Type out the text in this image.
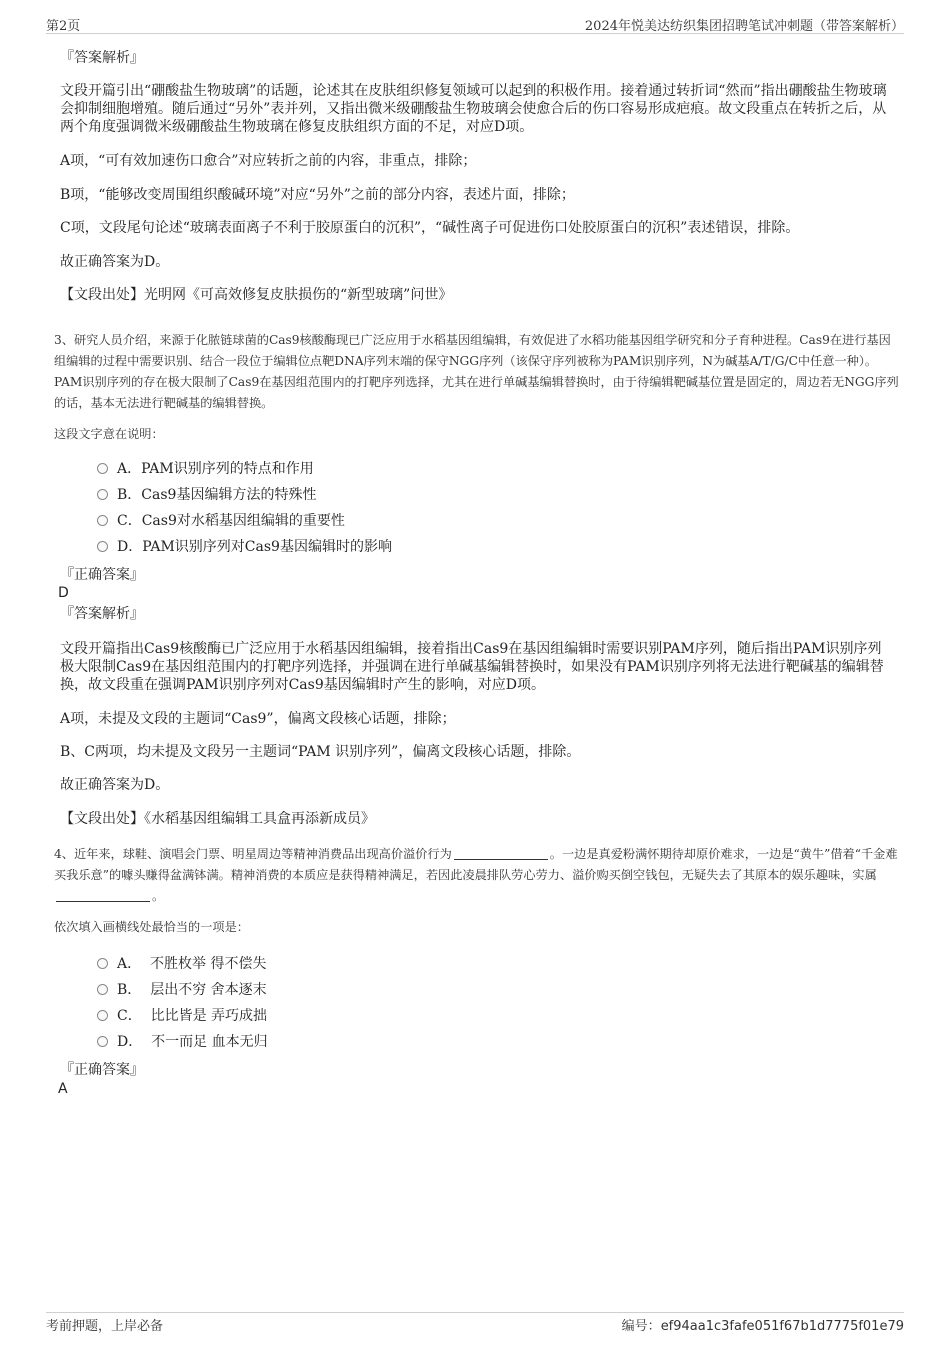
第2页	2024年悦美达纺织集团招聘笔试冲刺题（带答案解析）
『答案解析』
文段开篇引出“硼酸盐生物玻璃”的话题，论述其在皮肤组织修复领域可以起到的积极作用。接着通过转折词“然而”指出硼酸盐生物玻璃会抑制细胞增殖。随后通过“另外”表并列，又指出微米级硼酸盐生物玻璃会使愈合后的伤口容易形成疤痕。故文段重点在转折之后，从两个角度强调微米级硼酸盐生物玻璃在修复皮肤组织方面的不足，对应D项。
A项，“可有效加速伤口愈合”对应转折之前的内容，非重点，排除；
B项，“能够改变周围组织酸碱环境”对应“另外”之前的部分内容，表述片面，排除；
C项，文段尾句论述“玻璃表面离子不利于胶原蛋白的沉积”，“碱性离子可促进伤口处胶原蛋白的沉积”表述错误，排除。
故正确答案为D。
【文段出处】光明网《可高效修复皮肤损伤的“新型玻璃”问世》
3、研究人员介绍，来源于化脓链球菌的Cas9核酸酶现已广泛应用于水稻基因组编辑，有效促进了水稻功能基因组学研究和分子育种进程。Cas9在进行基因组编辑的过程中需要识别、结合一段位于编辑位点靶DNA序列末端的保守NGG序列（该保守序列被称为PAM识别序列，N为碱基A/T/G/C中任意一种）。PAM识别序列的存在极大限制了Cas9在基因组范围内的打靶序列选择，尤其在进行单碱基编辑替换时，由于待编辑靶碱基位置是固定的，周边若无NGG序列的话，基本无法进行靶碱基的编辑替换。
这段文字意在说明：
A．PAM识别序列的特点和作用
B．Cas9基因编辑方法的特殊性
C．Cas9对水稻基因组编辑的重要性
D．PAM识别序列对Cas9基因编辑时的影响
『正确答案』
D
『答案解析』
文段开篇指出Cas9核酸酶已广泛应用于水稻基因组编辑，接着指出Cas9在基因组编辑时需要识别PAM序列，随后指出PAM识别序列极大限制Cas9在基因组范围内的打靶序列选择，并强调在进行单碱基编辑替换时，如果没有PAM识别序列将无法进行靶碱基的编辑替换，故文段重在强调PAM识别序列对Cas9基因编辑时产生的影响，对应D项。
A项，未提及文段的主题词“Cas9”，偏离文段核心话题，排除；
B、C两项，均未提及文段另一主题词“PAM 识别序列”，偏离文段核心话题，排除。
故正确答案为D。
【文段出处】《水稻基因组编辑工具盒再添新成员》
4、近年来，球鞋、演唱会门票、明星周边等精神消费品出现高价溢价行为	。一边是真爱粉满怀期待却原价难求，一边是“黄牛”借着“千金难买我乐意”的噱头赚得盆满钵满。精神消费的本质应是获得精神满足，若因此凌晨排队劳心劳力、溢价购买倒空钱包，无疑失去了其原本的娱乐趣味，实属。
依次填入画横线处最恰当的一项是：
A．  不胜枚举 得不偿失
B．  层出不穷 舍本逐末
C．  比比皆是 弄巧成拙
D．  不一而足 血本无归
『正确答案』
A
考前押题，上岸必备	编号：ef94aa1c3fafe051f67b1d7775f01e79
